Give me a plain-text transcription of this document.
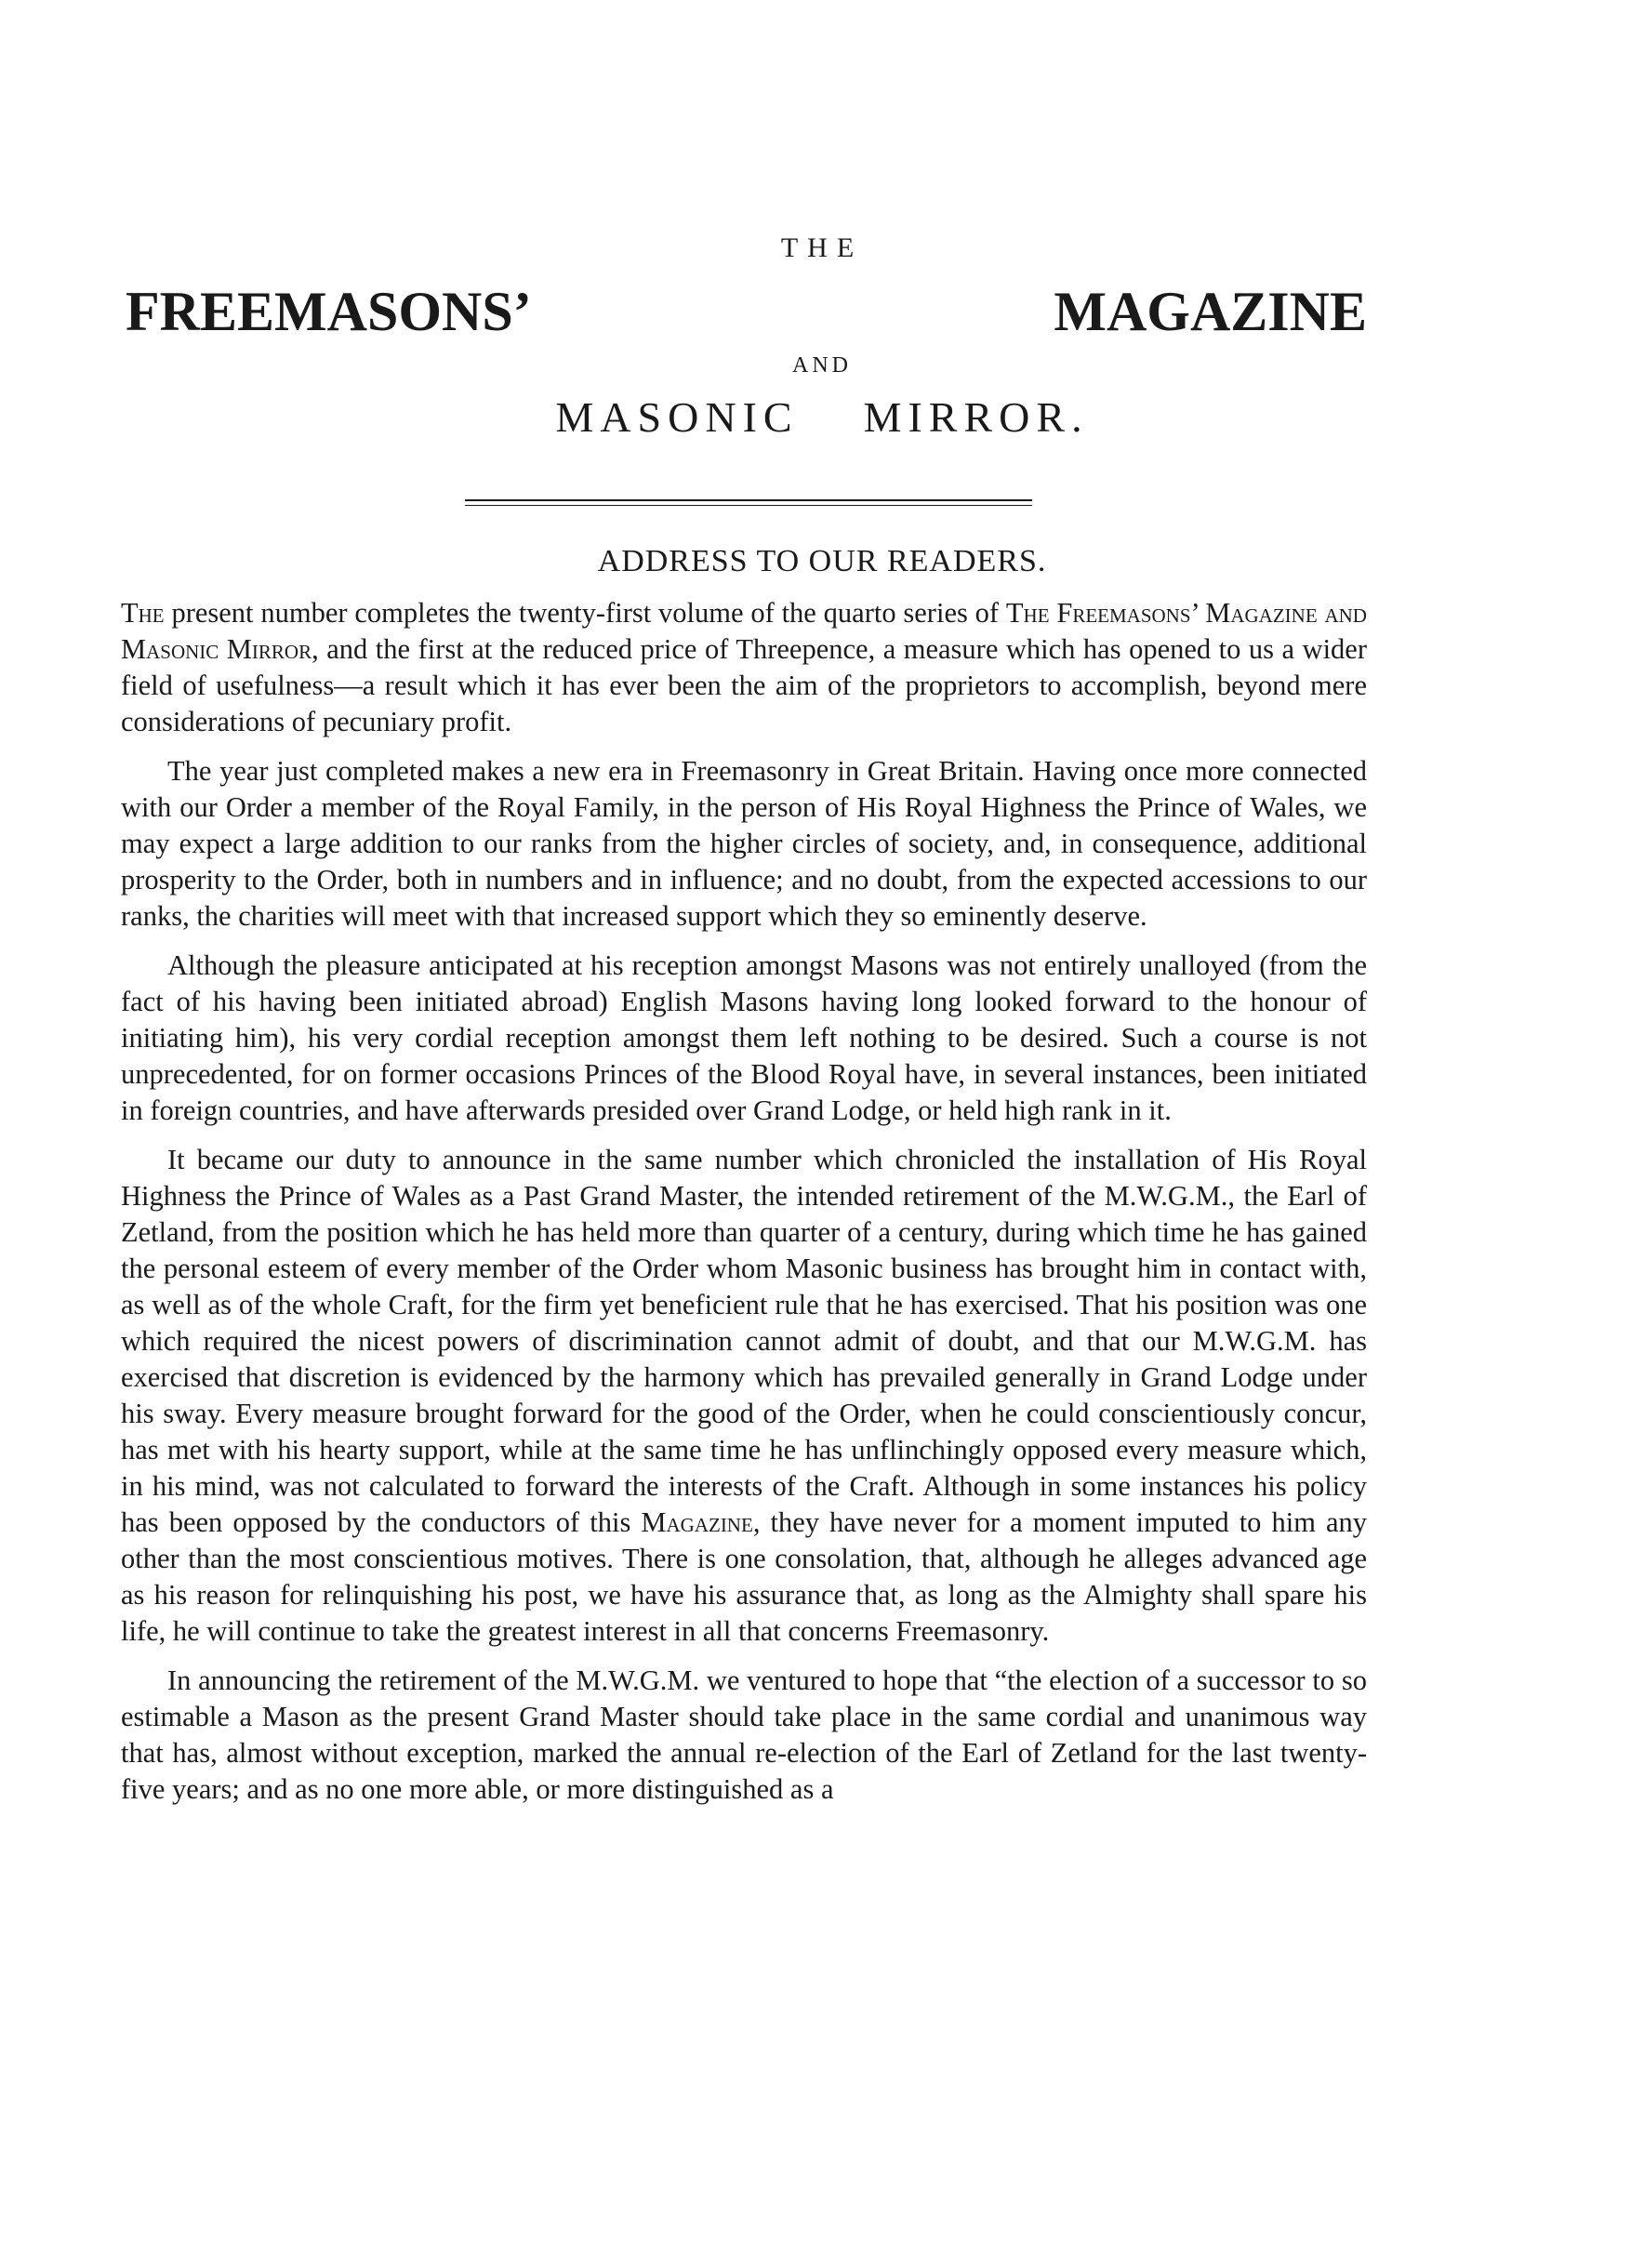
THE
FREEMASONS’	MAGAZINE
AND
MASONIC MIRROR.
ADDRESS TO OUR READERS.

The present number completes the twenty-first volume of the quarto series of The Freemasons’ Magazine and Masonic Mirror, and the first at the reduced price of Threepence, a measure which has opened to us a wider field of usefulness—a result which it has ever been the aim of the proprietors to accomplish, beyond mere considerations of pecuniary profit.

The year just completed makes a new era in Freemasonry in Great Britain. Having once more connected with our Order a member of the Royal Family, in the person of His Royal Highness the Prince of Wales, we may expect a large addition to our ranks from the higher circles of society, and, in consequence, additional prosperity to the Order, both in numbers and in influence; and no doubt, from the expected accessions to our ranks, the charities will meet with that increased support which they so eminently deserve.

Although the pleasure anticipated at his reception amongst Masons was not entirely unalloyed (from the fact of his having been initiated abroad) English Masons having long looked forward to the honour of initiating him), his very cordial reception amongst them left nothing to be desired. Such a course is not unprecedented, for on former occasions Princes of the Blood Royal have, in several instances, been initiated in foreign countries, and have afterwards presided over Grand Lodge, or held high rank in it.

It became our duty to announce in the same number which chronicled the installation of His Royal Highness the Prince of Wales as a Past Grand Master, the intended retirement of the M.W.G.M., the Earl of Zetland, from the position which he has held more than quarter of a century, during which time he has gained the personal esteem of every member of the Order whom Masonic business has brought him in contact with, as well as of the whole Craft, for the firm yet beneficient rule that he has exercised. That his position was one which required the nicest powers of discrimination cannot admit of doubt, and that our M.W.G.M. has exercised that discretion is evidenced by the harmony which has prevailed generally in Grand Lodge under his sway. Every measure brought forward for the good of the Order, when he could conscientiously concur, has met with his hearty support, while at the same time he has unflinchingly opposed every measure which, in his mind, was not calculated to forward the interests of the Craft. Although in some instances his policy has been opposed by the conductors of this Magazine, they have never for a moment imputed to him any other than the most conscientious motives. There is one consolation, that, although he alleges advanced age as his reason for relinquishing his post, we have his assurance that, as long as the Almighty shall spare his life, he will continue to take the greatest interest in all that concerns Freemasonry.

In announcing the retirement of the M.W.G.M. we ventured to hope that “the election of a successor to so estimable a Mason as the present Grand Master should take place in the same cordial and unanimous way that has, almost without exception, marked the annual re-election of the Earl of Zetland for the last twenty-five years; and as no one more able, or more distinguished as a
